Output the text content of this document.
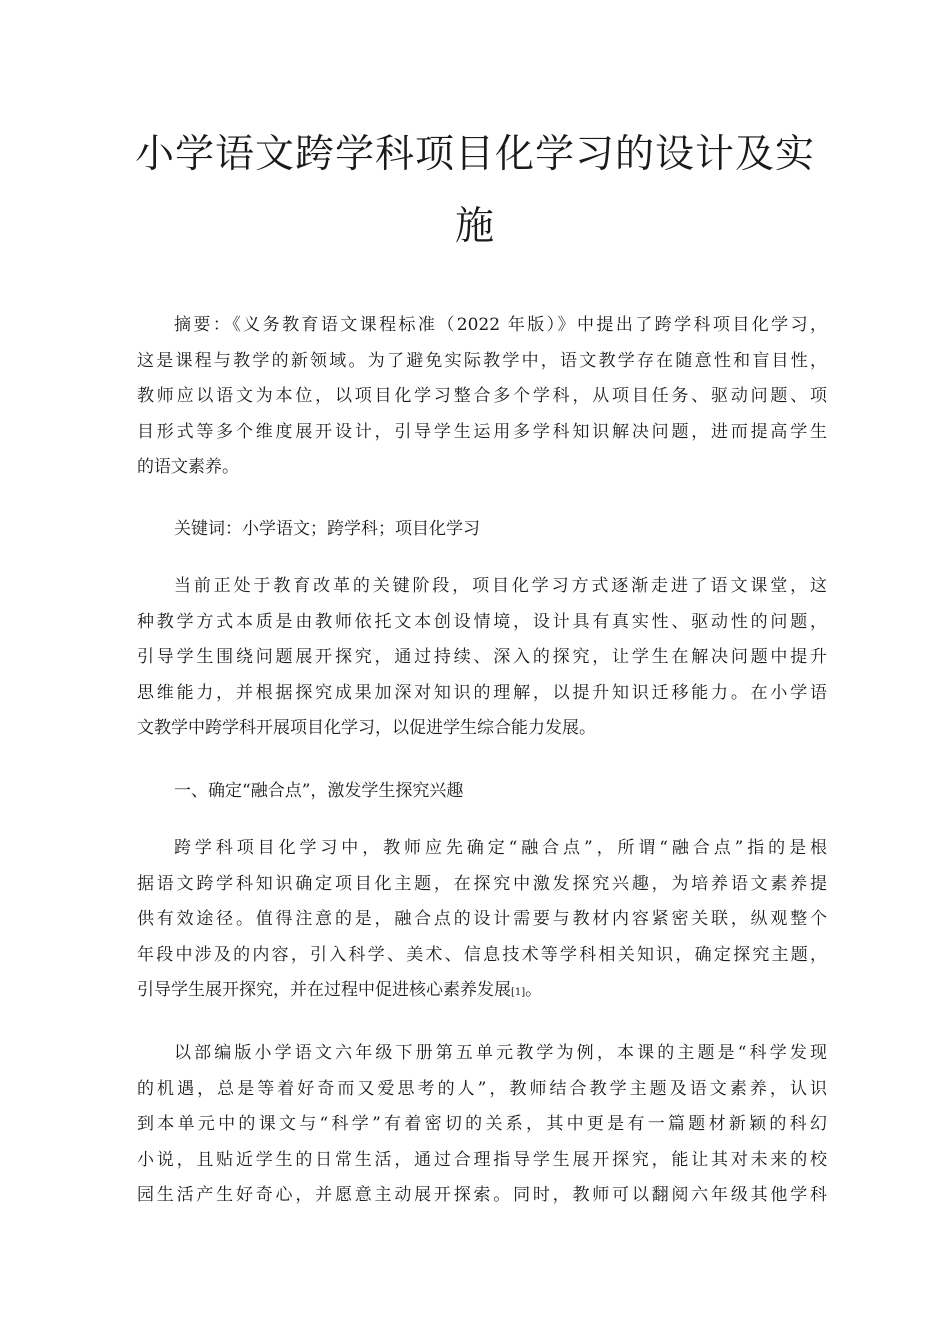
小学语文跨学科项目化学习的设计及实
施
摘要：《义务教育语文课程标准（2022 年版）》中提出了跨学科项目化学习，
这是课程与教学的新领域。为了避免实际教学中，语文教学存在随意性和盲目性，
教师应以语文为本位，以项目化学习整合多个学科，从项目任务、驱动问题、项
目形式等多个维度展开设计，引导学生运用多学科知识解决问题，进而提高学生
的语文素养。
关键词：小学语文；跨学科；项目化学习
当前正处于教育改革的关键阶段，项目化学习方式逐渐走进了语文课堂，这
种教学方式本质是由教师依托文本创设情境，设计具有真实性、驱动性的问题，
引导学生围绕问题展开探究，通过持续、深入的探究，让学生在解决问题中提升
思维能力，并根据探究成果加深对知识的理解，以提升知识迁移能力。在小学语
文教学中跨学科开展项目化学习，以促进学生综合能力发展。
一、确定“融合点”，激发学生探究兴趣
跨学科项目化学习中，教师应先确定“融合点”，所谓“融合点”指的是根
据语文跨学科知识确定项目化主题，在探究中激发探究兴趣，为培养语文素养提
供有效途径。值得注意的是，融合点的设计需要与教材内容紧密关联，纵观整个
年段中涉及的内容，引入科学、美术、信息技术等学科相关知识，确定探究主题，
引导学生展开探究，并在过程中促进核心素养发展[1]。
以部编版小学语文六年级下册第五单元教学为例，本课的主题是“科学发现
的机遇，总是等着好奇而又爱思考的人”，教师结合教学主题及语文素养，认识
到本单元中的课文与“科学”有着密切的关系，其中更是有一篇题材新颖的科幻
小说，且贴近学生的日常生活，通过合理指导学生展开探究，能让其对未来的校
园生活产生好奇心，并愿意主动展开探索。同时，教师可以翻阅六年级其他学科
